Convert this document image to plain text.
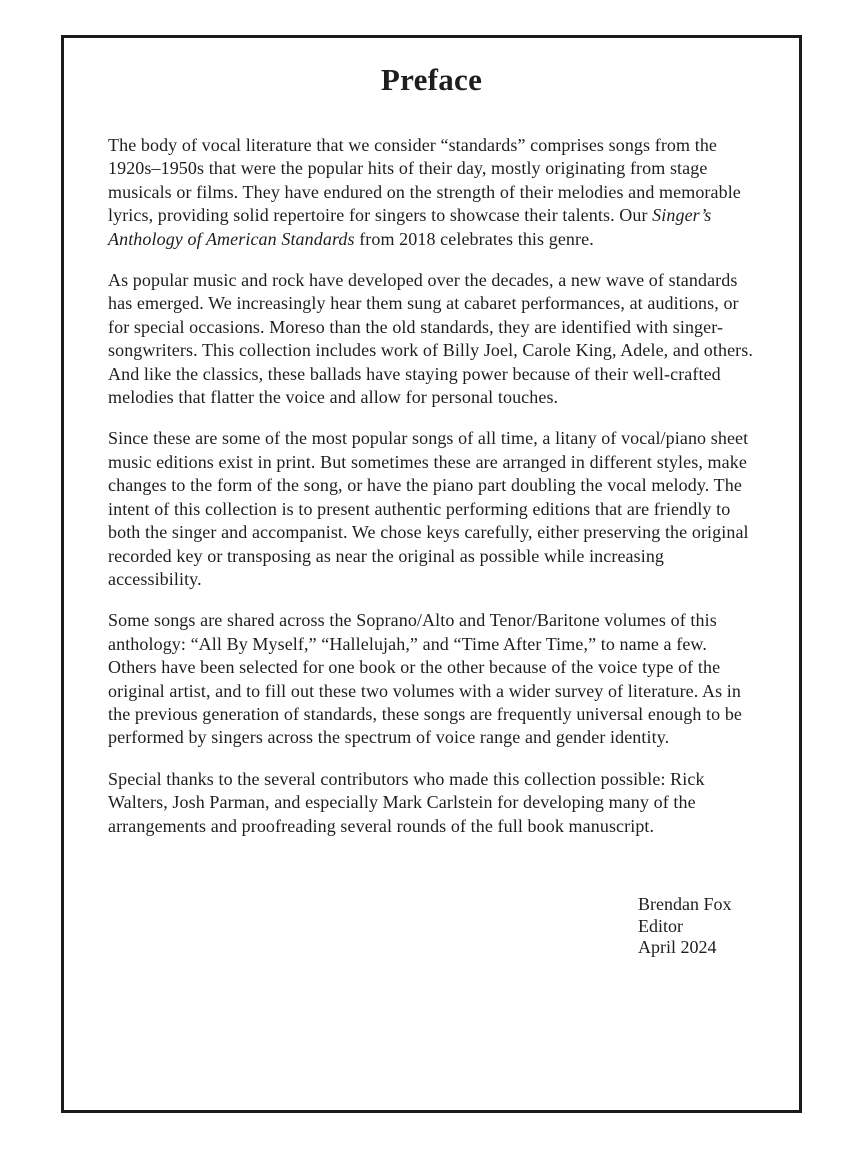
Preface

The body of vocal literature that we consider “standards” comprises songs from the 1920s–1950s that were the popular hits of their day, mostly originating from stage musicals or films. They have endured on the strength of their melodies and memorable lyrics, providing solid repertoire for singers to showcase their talents. Our Singer’s Anthology of American Standards from 2018 celebrates this genre.

As popular music and rock have developed over the decades, a new wave of standards has emerged. We increasingly hear them sung at cabaret performances, at auditions, or for special occasions. Moreso than the old standards, they are identified with singer-songwriters. This collection includes work of Billy Joel, Carole King, Adele, and others. And like the classics, these ballads have staying power because of their well-crafted melodies that flatter the voice and allow for personal touches.

Since these are some of the most popular songs of all time, a litany of vocal/piano sheet music editions exist in print. But sometimes these are arranged in different styles, make changes to the form of the song, or have the piano part doubling the vocal melody. The intent of this collection is to present authentic performing editions that are friendly to both the singer and accompanist. We chose keys carefully, either preserving the original recorded key or transposing as near the original as possible while increasing accessibility.

Some songs are shared across the Soprano/Alto and Tenor/Baritone volumes of this anthology: “All By Myself,” “Hallelujah,” and “Time After Time,” to name a few. Others have been selected for one book or the other because of the voice type of the original artist, and to fill out these two volumes with a wider survey of literature. As in the previous generation of standards, these songs are frequently universal enough to be performed by singers across the spectrum of voice range and gender identity.

Special thanks to the several contributors who made this collection possible: Rick Walters, Josh Parman, and especially Mark Carlstein for developing many of the arrangements and proofreading several rounds of the full book manuscript.

Brendan Fox
Editor
April 2024
